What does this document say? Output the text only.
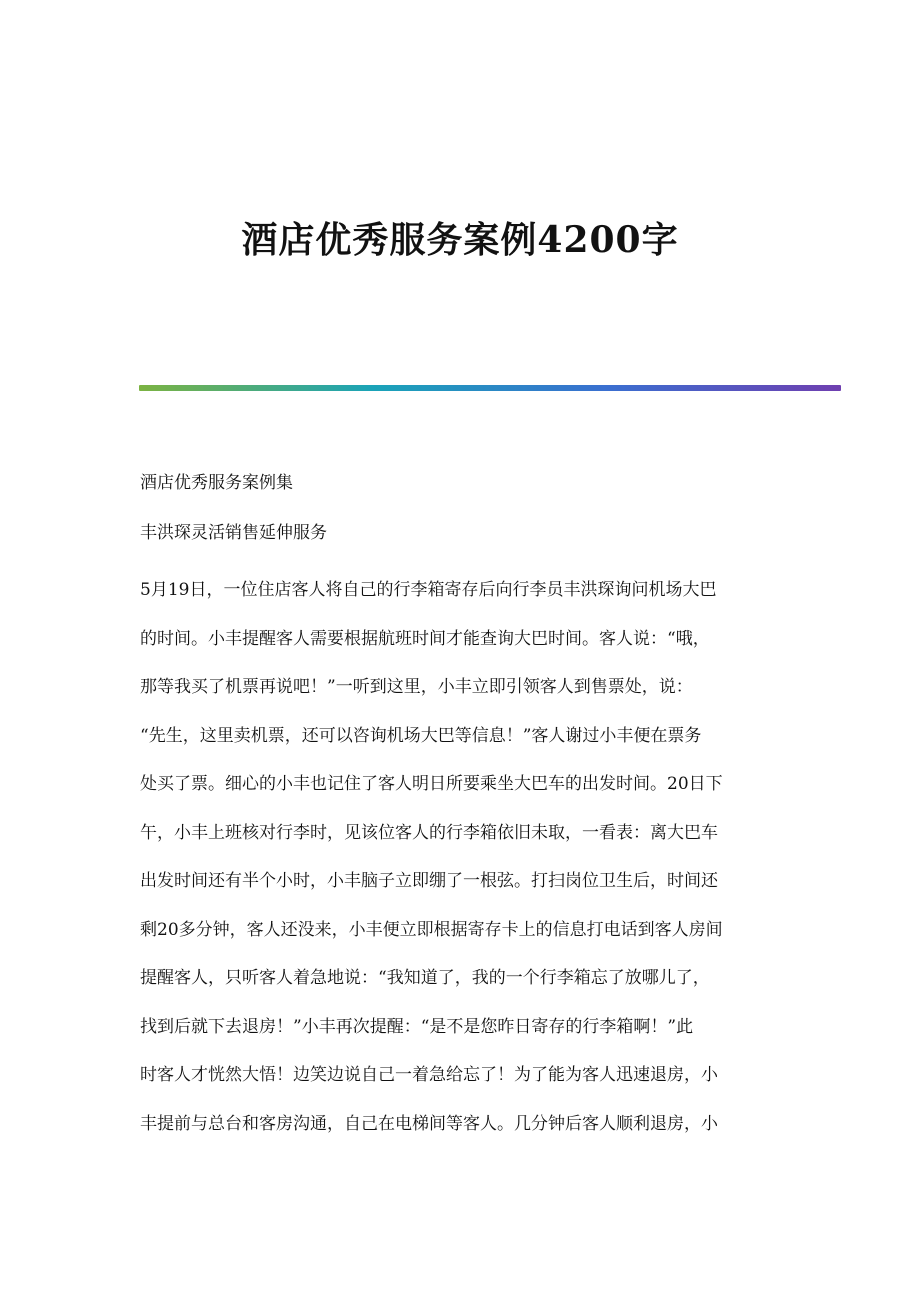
酒店优秀服务案例4200字

酒店优秀服务案例集

丰洪琛灵活销售延伸服务

5月19日，一位住店客人将自己的行李箱寄存后向行李员丰洪琛询问机场大巴
的时间。小丰提醒客人需要根据航班时间才能查询大巴时间。客人说：“哦，
那等我买了机票再说吧！”一听到这里，小丰立即引领客人到售票处，说：
“先生，这里卖机票，还可以咨询机场大巴等信息！”客人谢过小丰便在票务
处买了票。细心的小丰也记住了客人明日所要乘坐大巴车的出发时间。20日下
午，小丰上班核对行李时，见该位客人的行李箱依旧未取，一看表：离大巴车
出发时间还有半个小时，小丰脑子立即绷了一根弦。打扫岗位卫生后，时间还
剩20多分钟，客人还没来，小丰便立即根据寄存卡上的信息打电话到客人房间
提醒客人，只听客人着急地说：“我知道了，我的一个行李箱忘了放哪儿了，
找到后就下去退房！”小丰再次提醒：“是不是您昨日寄存的行李箱啊！”此
时客人才恍然大悟！边笑边说自己一着急给忘了！为了能为客人迅速退房，小
丰提前与总台和客房沟通，自己在电梯间等客人。几分钟后客人顺利退房，小
